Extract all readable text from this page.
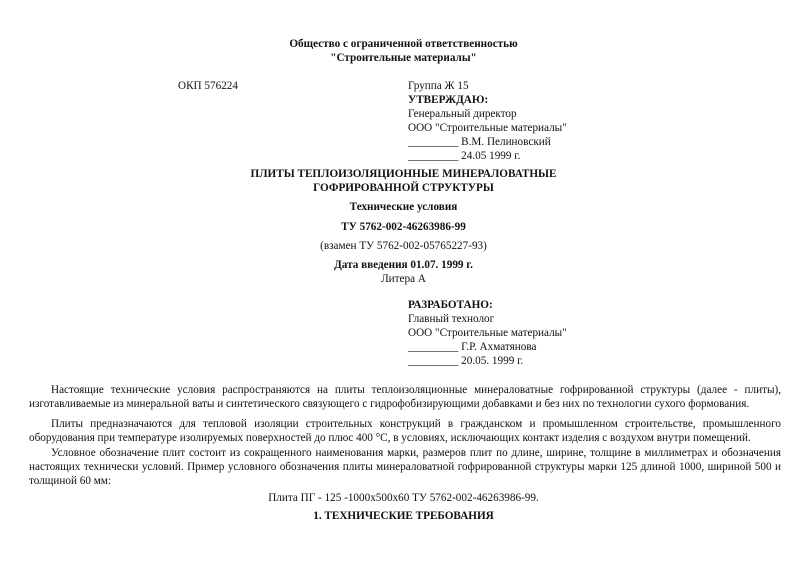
Общество с ограниченной ответственностью
"Строительные материалы"
ОКП 576224	Группа Ж 15
УТВЕРЖДАЮ:
Генеральный директор
ООО "Строительные материалы"
_________ В.М. Пелиновский
_________ 24.05 1999 г.
ПЛИТЫ ТЕПЛОИЗОЛЯЦИОННЫЕ МИНЕРАЛОВАТНЫЕ
ГОФРИРОВАННОЙ СТРУКТУРЫ
Технические условия
ТУ 5762-002-46263986-99
(взамен ТУ 5762-002-05765227-93)
Дата введения 01.07. 1999 г.
Литера А
РАЗРАБОТАНО:
Главный технолог
ООО "Строительные материалы"
_________ Г.Р. Ахматянова
_________ 20.05. 1999 г.
Настоящие технические условия распространяются на плиты теплоизоляционные минераловатные гофрированной структуры (далее - плиты), изготавливаемые из минеральной ваты и синтетического связующего с гидрофобизирующими добавками и без них по технологии сухого формования.
Плиты предназначаются для тепловой изоляции строительных конструкций в гражданском и промышленном строительстве, промышленного оборудования при температуре изолируемых поверхностей до плюс 400 °С, в условиях, исключающих контакт изделия с воздухом внутри помещений.
Условное обозначение плит состоит из сокращенного наименования марки, размеров плит по длине, ширине, толщине в миллиметрах и обозначения настоящих технически условий. Пример условного обозначения плиты минераловатной гофрированной структуры марки 125 длиной 1000, шириной 500 и толщиной 60 мм:
Плита ПГ - 125 -1000х500х60 ТУ 5762-002-46263986-99.
1. ТЕХНИЧЕСКИЕ ТРЕБОВАНИЯ
